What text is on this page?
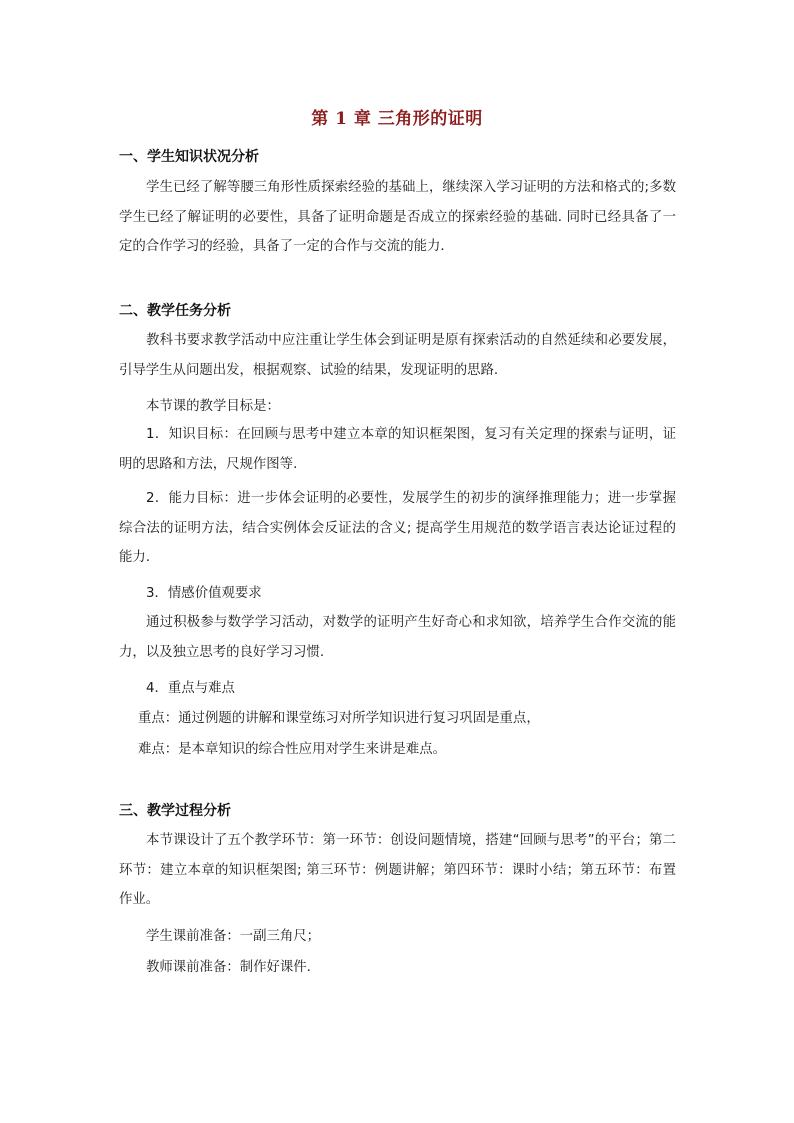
第 1 章 三角形的证明
一、学生知识状况分析
学生已经了解等腰三角形性质探索经验的基础上，继续深入学习证明的方法和格式的;多数学生已经了解证明的必要性，具备了证明命题是否成立的探索经验的基础. 同时已经具备了一定的合作学习的经验，具备了一定的合作与交流的能力.
二、教学任务分析
教科书要求教学活动中应注重让学生体会到证明是原有探索活动的自然延续和必要发展，引导学生从问题出发，根据观察、试验的结果，发现证明的思路.
本节课的教学目标是：
1．知识目标：在回顾与思考中建立本章的知识框架图，复习有关定理的探索与证明，证明的思路和方法，尺规作图等.
2．能力目标：进一步体会证明的必要性，发展学生的初步的演绎推理能力；进一步掌握综合法的证明方法，结合实例体会反证法的含义; 提高学生用规范的数学语言表达论证过程的能力.
3．情感价值观要求
通过积极参与数学学习活动，对数学的证明产生好奇心和求知欲，培养学生合作交流的能力，以及独立思考的良好学习习惯.
4．重点与难点
重点：通过例题的讲解和课堂练习对所学知识进行复习巩固是重点，
难点：是本章知识的综合性应用对学生来讲是难点。
三、教学过程分析
本节课设计了五个教学环节：第一环节：创设问题情境，搭建“回顾与思考”的平台；第二环节：建立本章的知识框架图; 第三环节：例题讲解；第四环节：课时小结；第五环节：布置作业。
学生课前准备：一副三角尺；
教师课前准备：制作好课件.
